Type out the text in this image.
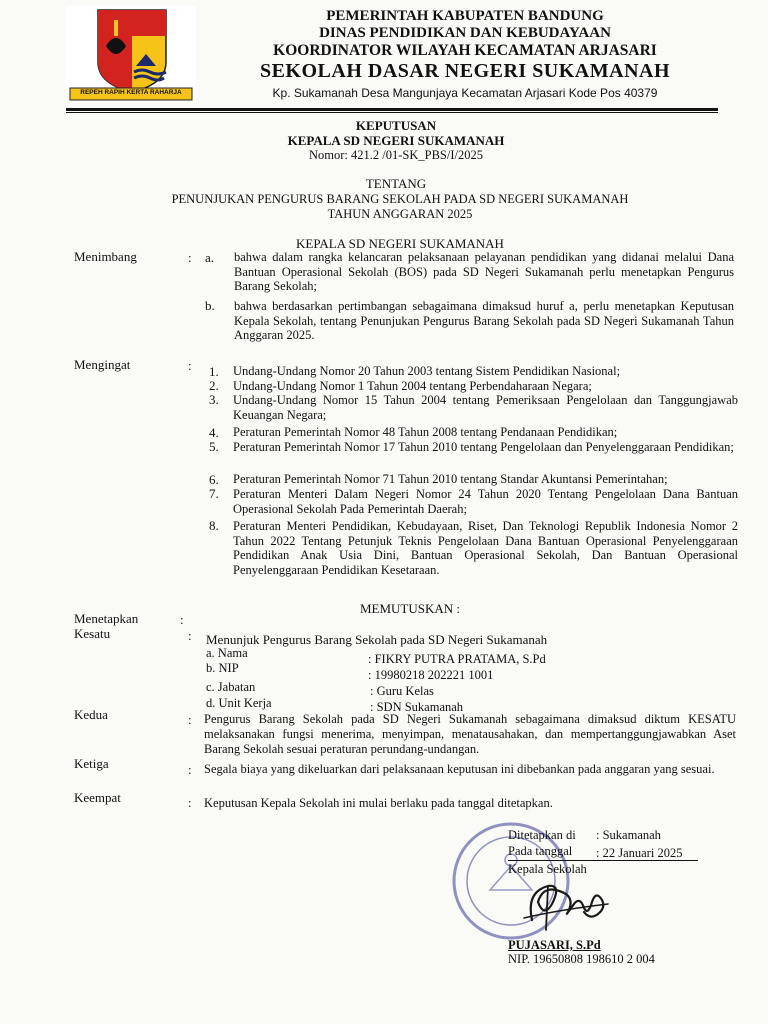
REPEH RAPIH KERTA RAHARJA
PEMERINTAH KABUPATEN BANDUNG
DINAS PENDIDIKAN DAN KEBUDAYAAN
KOORDINATOR WILAYAH KECAMATAN ARJASARI
SEKOLAH DASAR NEGERI SUKAMANAH
Kp. Sukamanah Desa Mangunjaya Kecamatan Arjasari Kode Pos 40379
KEPUTUSAN
KEPALA SD NEGERI SUKAMANAH
Nomor: 421.2 /01-SK_PBS/I/2025
TENTANG
PENUNJUKAN PENGURUS BARANG SEKOLAH PADA SD NEGERI SUKAMANAH
TAHUN ANGGARAN 2025
KEPALA SD NEGERI SUKAMANAH
Menimbang	: a. bahwa dalam rangka kelancaran pelaksanaan pelayanan pendidikan yang didanai melalui Dana Bantuan Operasional Sekolah (BOS) pada SD Negeri Sukamanah perlu menetapkan Pengurus Barang Sekolah;
b. bahwa berdasarkan pertimbangan sebagaimana dimaksud huruf a, perlu menetapkan Keputusan Kepala Sekolah, tentang Penunjukan Pengurus Barang Sekolah pada SD Negeri Sukamanah Tahun Anggaran 2025.
Mengingat	: 1. Undang-Undang Nomor 20 Tahun 2003 tentang Sistem Pendidikan Nasional;
2. Undang-Undang Nomor 1 Tahun 2004 tentang Perbendaharaan Negara;
3. Undang-Undang Nomor 15 Tahun 2004 tentang Pemeriksaan Pengelolaan dan Tanggungjawab Keuangan Negara;
4. Peraturan Pemerintah Nomor 48 Tahun 2008 tentang Pendanaan Pendidikan;
5. Peraturan Pemerintah Nomor 17 Tahun 2010 tentang Pengelolaan dan Penyelenggaraan Pendidikan;
6. Peraturan Pemerintah Nomor 71 Tahun 2010 tentang Standar Akuntansi Pemerintahan;
7. Peraturan Menteri Dalam Negeri Nomor 24 Tahun 2020 Tentang Pengelolaan Dana Bantuan Operasional Sekolah Pada Pemerintah Daerah;
8. Peraturan Menteri Pendidikan, Kebudayaan, Riset, Dan Teknologi Republik Indonesia Nomor 2 Tahun 2022 Tentang Petunjuk Teknis Pengelolaan Dana Bantuan Operasional Penyelenggaraan Pendidikan Anak Usia Dini, Bantuan Operasional Sekolah, Dan Bantuan Operasional Penyelenggaraan Pendidikan Kesetaraan.
MEMUTUSKAN :
Menetapkan	:
Kesatu	: Menunjuk Pengurus Barang Sekolah pada SD Negeri Sukamanah
a. Nama	: FIKRY PUTRA PRATAMA, S.Pd
b. NIP	: 19980218 202221 1001
c. Jabatan	: Guru Kelas
d. Unit Kerja	: SDN Sukamanah
Kedua	: Pengurus Barang Sekolah pada SD Negeri Sukamanah sebagaimana dimaksud diktum KESATU melaksanakan fungsi menerima, menyimpan, menatausahakan, dan mempertanggungjawabkan Aset Barang Sekolah sesuai peraturan perundang-undangan.
Ketiga	: Segala biaya yang dikeluarkan dari pelaksanaan keputusan ini dibebankan pada anggaran yang sesuai.
Keempat	: Keputusan Kepala Sekolah ini mulai berlaku pada tanggal ditetapkan.
Ditetapkan di : Sukamanah
Pada tanggal : 22 Januari 2025
Kepala Sekolah
PUJASARI, S.Pd
NIP. 19650808 198610 2 004
